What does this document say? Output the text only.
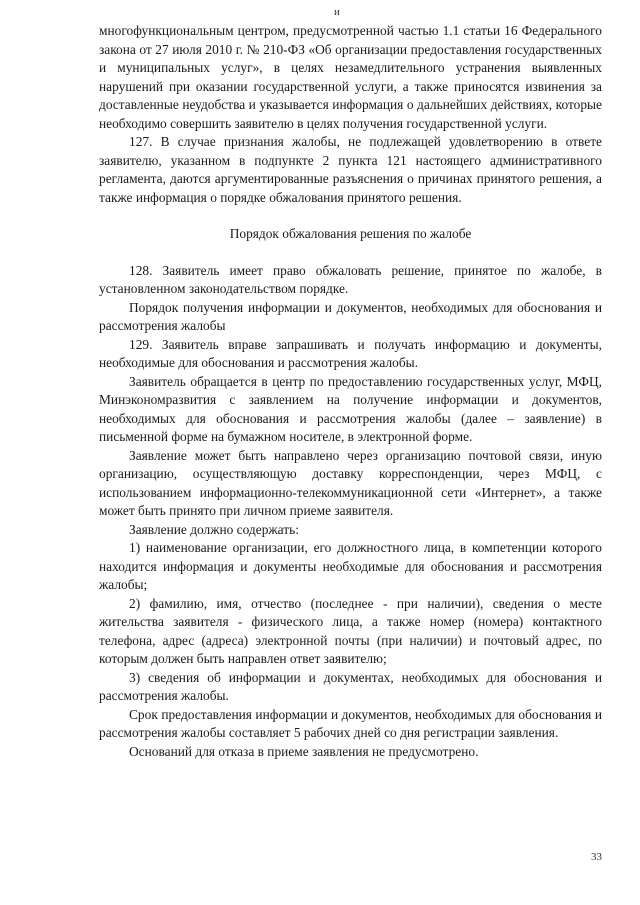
и

многофункциональным центром, предусмотренной частью 1.1 статьи 16 Федерального закона от 27 июля 2010 г. № 210-ФЗ «Об организации предоставления государственных и муниципальных услуг», в целях незамедлительного устранения выявленных нарушений при оказании государственной услуги, а также приносятся извинения за доставленные неудобства и указывается информация о дальнейших действиях, которые необходимо совершить заявителю в целях получения государственной услуги.

127. В случае признания жалобы, не подлежащей удовлетворению в ответе заявителю, указанном в подпункте 2 пункта 121 настоящего административного регламента, даются аргументированные разъяснения о причинах принятого решения, а также информация о порядке обжалования принятого решения.

Порядок обжалования решения по жалобе

128. Заявитель имеет право обжаловать решение, принятое по жалобе, в установленном законодательством порядке.

Порядок получения информации и документов, необходимых для обоснования и рассмотрения жалобы

129. Заявитель вправе запрашивать и получать информацию и документы, необходимые для обоснования и рассмотрения жалобы.

Заявитель обращается в центр по предоставлению государственных услуг, МФЦ, Минэкономразвития с заявлением на получение информации и документов, необходимых для обоснования и рассмотрения жалобы (далее – заявление) в письменной форме на бумажном носителе, в электронной форме.

Заявление может быть направлено через организацию почтовой связи, иную организацию, осуществляющую доставку корреспонденции, через МФЦ, с использованием информационно-телекоммуникационной сети «Интернет», а также может быть принято при личном приеме заявителя.

Заявление должно содержать:

1) наименование организации, его должностного лица, в компетенции которого находится информация и документы необходимые для обоснования и рассмотрения жалобы;

2) фамилию, имя, отчество (последнее - при наличии), сведения о месте жительства заявителя - физического лица, а также номер (номера) контактного телефона, адрес (адреса) электронной почты (при наличии) и почтовый адрес, по которым должен быть направлен ответ заявителю;

3) сведения об информации и документах, необходимых для обоснования и рассмотрения жалобы.

Срок предоставления информации и документов, необходимых для обоснования и рассмотрения жалобы составляет 5 рабочих дней со дня регистрации заявления.

Оснований для отказа в приеме заявления не предусмотрено.

33
